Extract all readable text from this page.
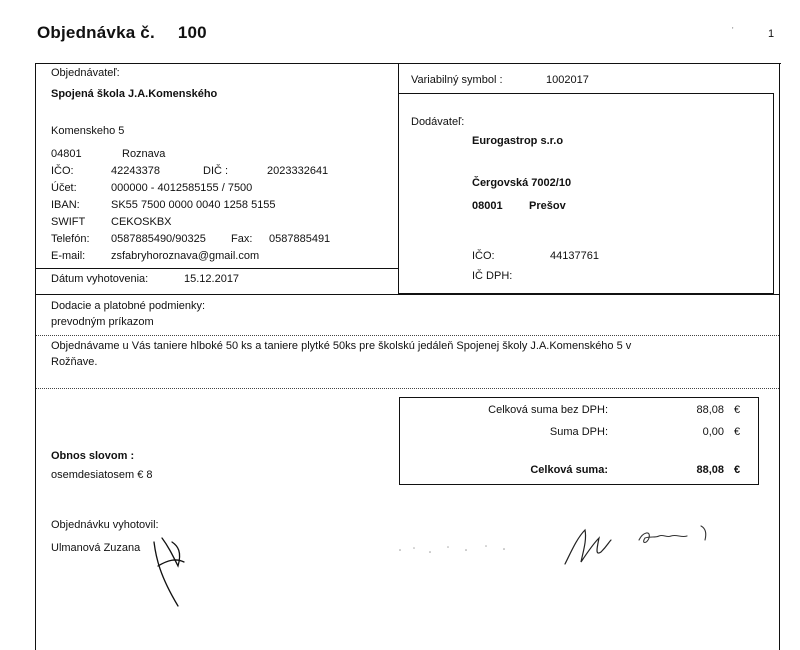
Objednávka č. 100	'	1
Objednávateľ:
Spojená škola J.A.Komenského
Komenskeho 5
04801	Roznava
IČO:	42243378	DIČ :	2023332641
Účet:	000000 - 4012585155 / 7500
IBAN:	SK55 7500 0000 0040 1258 5155
SWIFT CEKOSKBX
Telefón: 0587885490/90325 Fax: 0587885491
E-mail: zsfabryhoroznava@gmail.com
Dátum vyhotovenia:	15.12.2017
Variabilný symbol :	1002017
Dodávateľ:
Eurogastrop s.r.o
Čergovská 7002/10
08001 Prešov
IČO:	44137761
IČ DPH:
Dodacie a platobné podmienky:
prevodným príkazom
Objednávame u Vás taniere hlboké 50 ks a taniere plytké 50ks pre školskú jedáleň Spojenej školy J.A.Komenského 5 v
Rožňave.
Celková suma bez DPH:	88,08 €
Suma DPH:	0,00 €
Celková suma:	88,08 €
Obnos slovom :
osemdesiatosem € 8
Objednávku vyhotovil:
Ulmanová Zuzana
